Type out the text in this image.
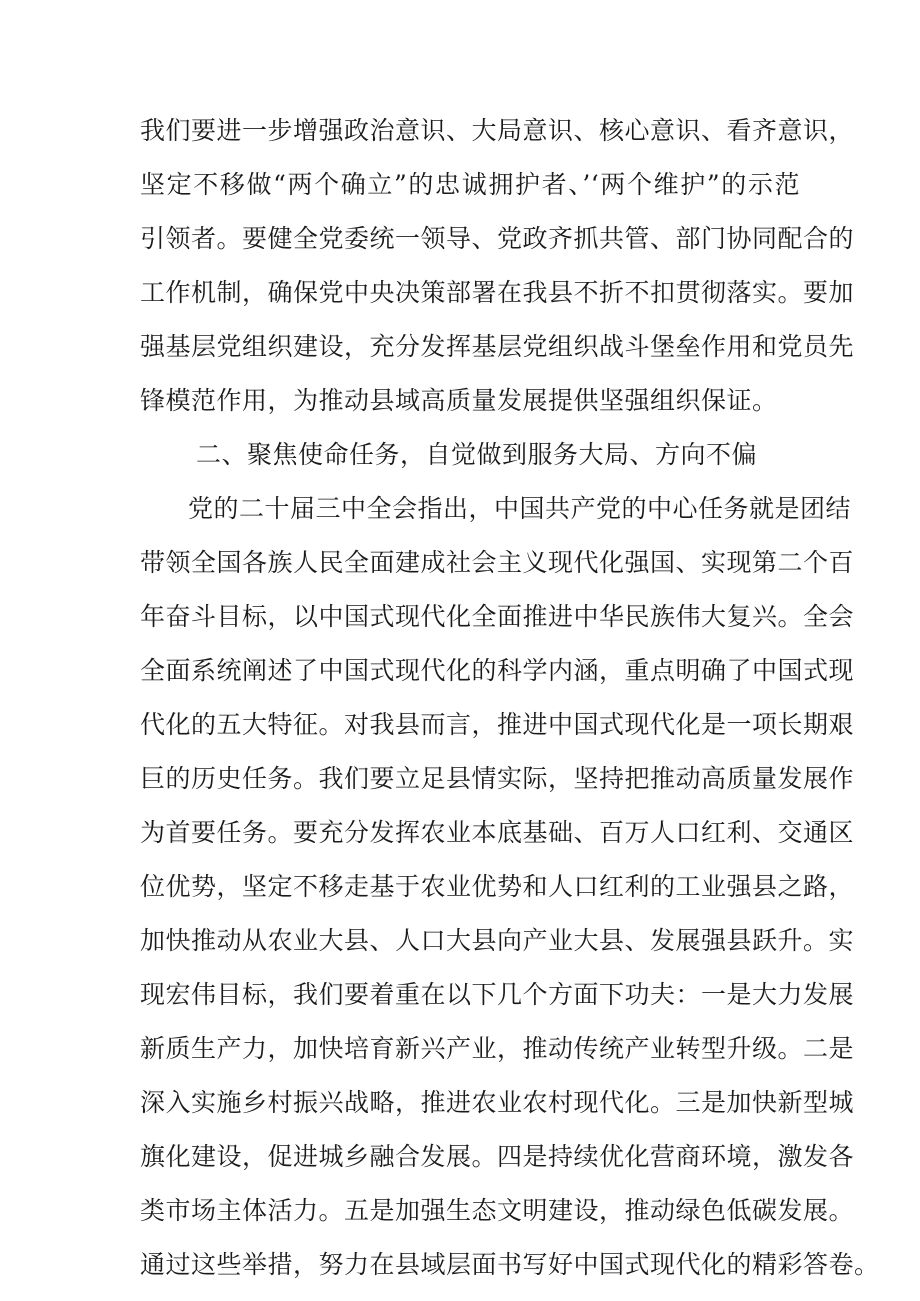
我们要进一步增强政治意识、大局意识、核心意识、看齐意识，
坚定不移做“两个确立”的忠诚拥护者、’‘两个维护”的示范
引领者。要健全党委统一领导、党政齐抓共管、部门协同配合的
工作机制，确保党中央决策部署在我县不折不扣贯彻落实。要加
强基层党组织建设，充分发挥基层党组织战斗堡垒作用和党员先
锋模范作用，为推动县域高质量发展提供坚强组织保证。
二、聚焦使命任务，自觉做到服务大局、方向不偏
党的二十届三中全会指出，中国共产党的中心任务就是团结
带领全国各族人民全面建成社会主义现代化强国、实现第二个百
年奋斗目标，以中国式现代化全面推进中华民族伟大复兴。全会
全面系统阐述了中国式现代化的科学内涵，重点明确了中国式现
代化的五大特征。对我县而言，推进中国式现代化是一项长期艰
巨的历史任务。我们要立足县情实际，坚持把推动高质量发展作
为首要任务。要充分发挥农业本底基础、百万人口红利、交通区
位优势，坚定不移走基于农业优势和人口红利的工业强县之路，
加快推动从农业大县、人口大县向产业大县、发展强县跃升。实
现宏伟目标，我们要着重在以下几个方面下功夫：一是大力发展
新质生产力，加快培育新兴产业，推动传统产业转型升级。二是
深入实施乡村振兴战略，推进农业农村现代化。三是加快新型城
旗化建设，促进城乡融合发展。四是持续优化营商环境，激发各
类市场主体活力。五是加强生态文明建设，推动绿色低碳发展。
通过这些举措，努力在县域层面书写好中国式现代化的精彩答卷。
